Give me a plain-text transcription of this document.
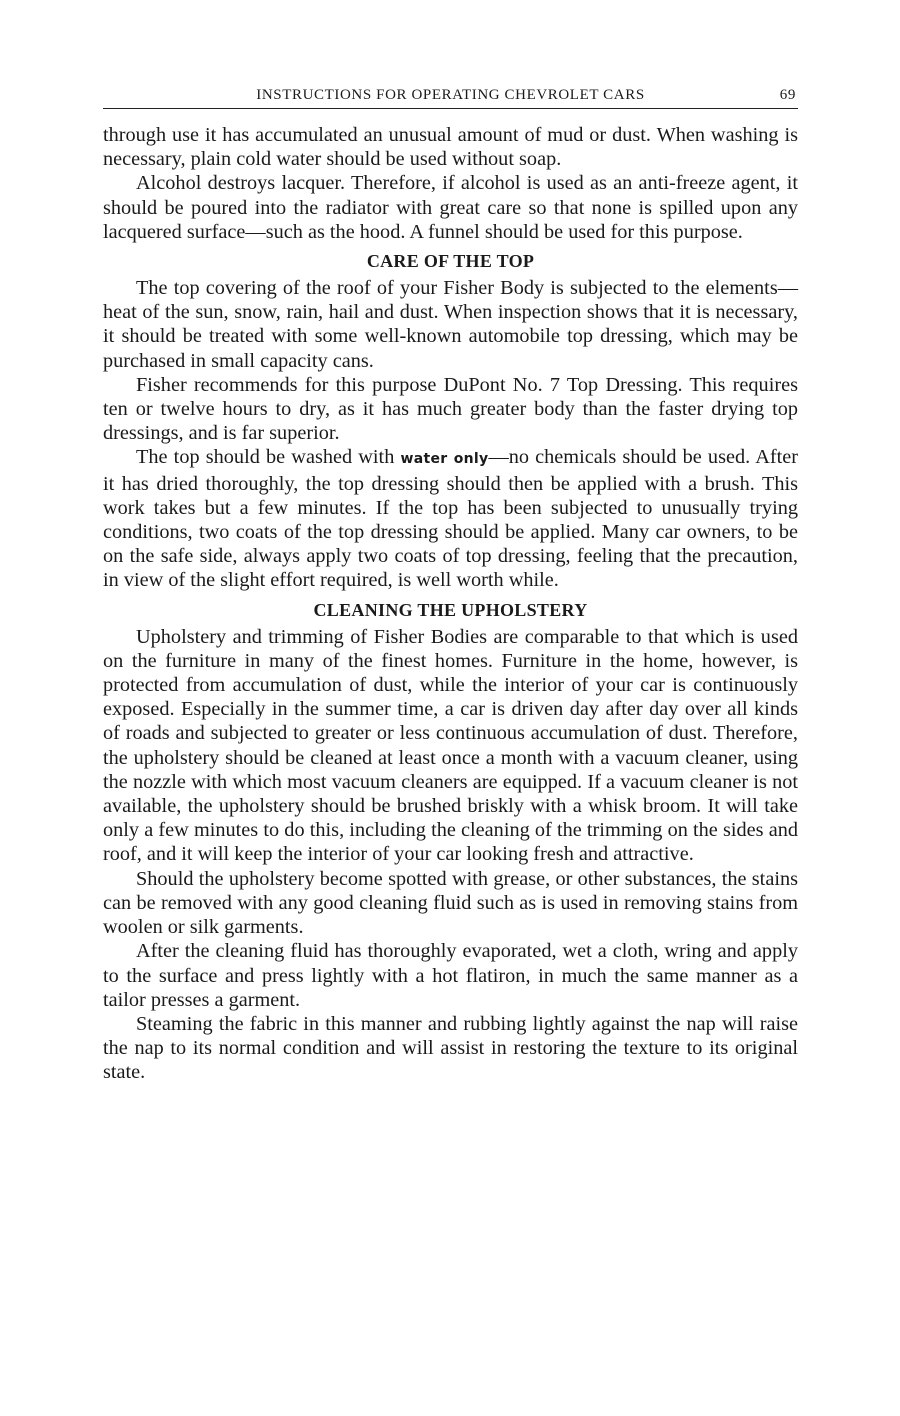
INSTRUCTIONS FOR OPERATING CHEVROLET CARS	69

through use it has accumulated an unusual amount of mud or dust. When washing is necessary, plain cold water should be used without soap.

Alcohol destroys lacquer. Therefore, if alcohol is used as an anti-freeze agent, it should be poured into the radiator with great care so that none is spilled upon any lacquered surface—such as the hood. A funnel should be used for this purpose.

CARE OF THE TOP

The top covering of the roof of your Fisher Body is subjected to the elements—heat of the sun, snow, rain, hail and dust. When inspection shows that it is necessary, it should be treated with some well-known automobile top dressing, which may be purchased in small capacity cans.

Fisher recommends for this purpose DuPont No. 7 Top Dressing. This requires ten or twelve hours to dry, as it has much greater body than the faster drying top dressings, and is far superior.

The top should be washed with water only—no chemicals should be used. After it has dried thoroughly, the top dressing should then be applied with a brush. This work takes but a few minutes. If the top has been subjected to unusually trying conditions, two coats of the top dressing should be applied. Many car owners, to be on the safe side, always apply two coats of top dressing, feeling that the precaution, in view of the slight effort required, is well worth while.

CLEANING THE UPHOLSTERY

Upholstery and trimming of Fisher Bodies are comparable to that which is used on the furniture in many of the finest homes. Furniture in the home, however, is protected from accumulation of dust, while the interior of your car is continuously exposed. Especially in the summer time, a car is driven day after day over all kinds of roads and subjected to greater or less continuous accumulation of dust. Therefore, the upholstery should be cleaned at least once a month with a vacuum cleaner, using the nozzle with which most vacuum cleaners are equipped. If a vacuum cleaner is not available, the upholstery should be brushed briskly with a whisk broom. It will take only a few minutes to do this, including the cleaning of the trimming on the sides and roof, and it will keep the interior of your car looking fresh and attractive.

Should the upholstery become spotted with grease, or other substances, the stains can be removed with any good cleaning fluid such as is used in removing stains from woolen or silk garments.

After the cleaning fluid has thoroughly evaporated, wet a cloth, wring and apply to the surface and press lightly with a hot flatiron, in much the same manner as a tailor presses a garment.

Steaming the fabric in this manner and rubbing lightly against the nap will raise the nap to its normal condition and will assist in restoring the texture to its original state.
